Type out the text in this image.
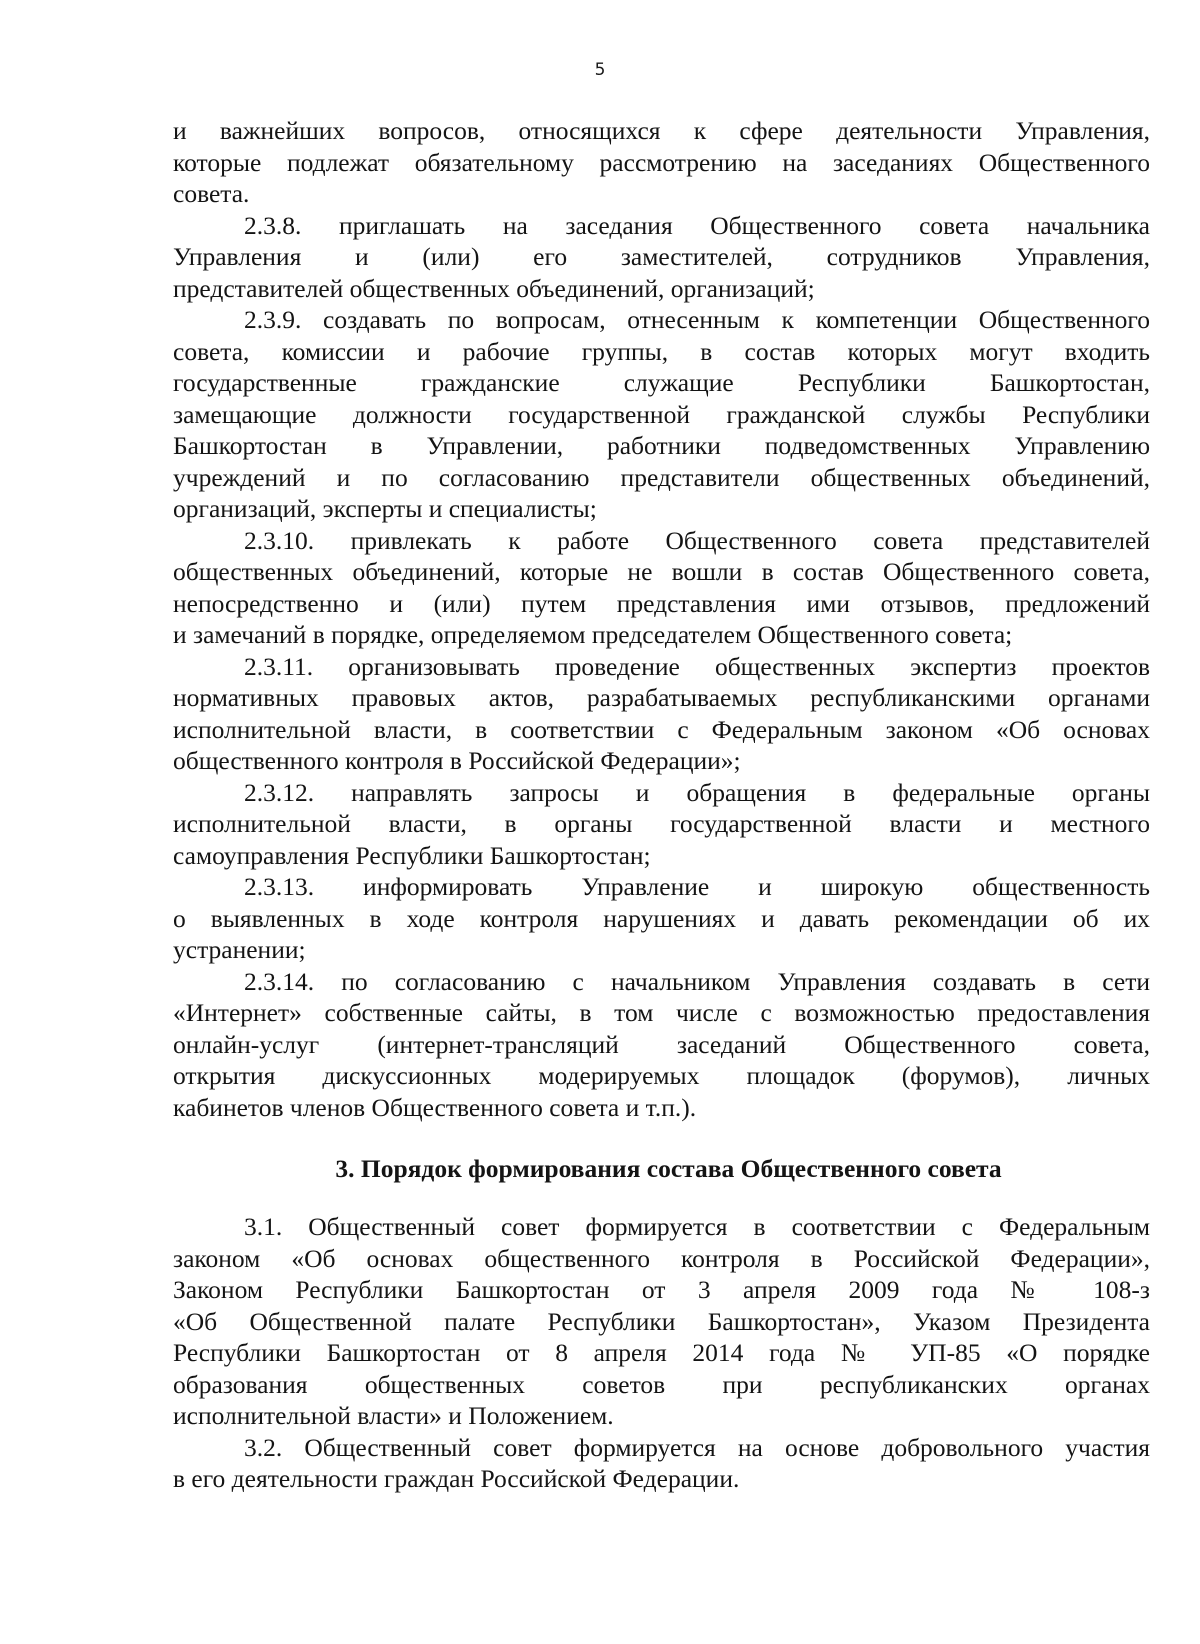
5
и важнейших вопросов, относящихся к сфере деятельности Управления,
которые подлежат обязательному рассмотрению на заседаниях Общественного
совета.
2.3.8. приглашать на заседания Общественного совета начальника
Управления и (или) его заместителей, сотрудников Управления,
представителей общественных объединений, организаций;
2.3.9. создавать по вопросам, отнесенным к компетенции Общественного
совета, комиссии и рабочие группы, в состав которых могут входить
государственные гражданские служащие Республики Башкортостан,
замещающие должности государственной гражданской службы Республики
Башкортостан в Управлении, работники подведомственных Управлению
учреждений и по согласованию представители общественных объединений,
организаций, эксперты и специалисты;
2.3.10. привлекать к работе Общественного совета представителей
общественных объединений, которые не вошли в состав Общественного совета,
непосредственно и (или) путем представления ими отзывов, предложений
и замечаний в порядке, определяемом председателем Общественного совета;
2.3.11. организовывать проведение общественных экспертиз проектов
нормативных правовых актов, разрабатываемых республиканскими органами
исполнительной власти, в соответствии с Федеральным законом «Об основах
общественного контроля в Российской Федерации»;
2.3.12. направлять запросы и обращения в федеральные органы
исполнительной власти, в органы государственной власти и местного
самоуправления Республики Башкортостан;
2.3.13. информировать Управление и широкую общественность
о выявленных в ходе контроля нарушениях и давать рекомендации об их
устранении;
2.3.14. по согласованию с начальником Управления создавать в сети
«Интернет» собственные сайты, в том числе с возможностью предоставления
онлайн-услуг (интернет-трансляций заседаний Общественного совета,
открытия дискуссионных модерируемых площадок (форумов), личных
кабинетов членов Общественного совета и т.п.).
3. Порядок формирования состава Общественного совета
3.1. Общественный совет формируется в соответствии с Федеральным
законом «Об основах общественного контроля в Российской Федерации»,
Законом Республики Башкортостан от 3 апреля 2009 года № 108-з
«Об Общественной палате Республики Башкортостан», Указом Президента
Республики Башкортостан от 8 апреля 2014 года № УП-85 «О порядке
образования общественных советов при республиканских органах
исполнительной власти» и Положением.
3.2. Общественный совет формируется на основе добровольного участия
в его деятельности граждан Российской Федерации.
